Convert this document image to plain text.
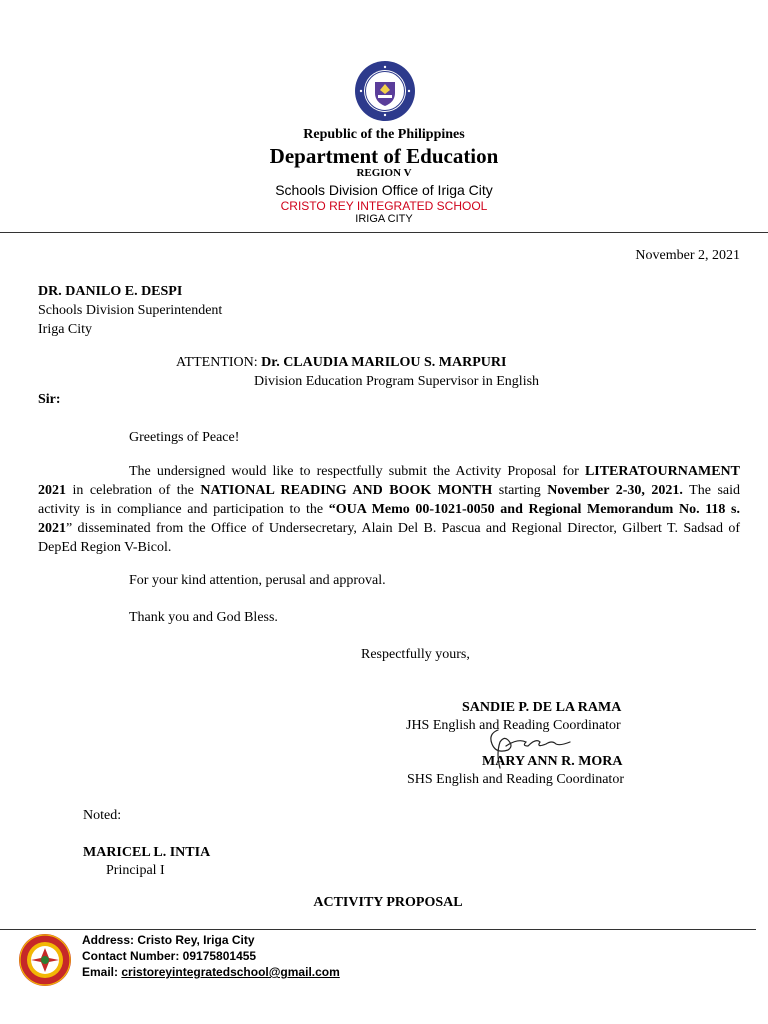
Republic of the Philippines

Department of Education

REGION V

Schools Division Office of Iriga City

CRISTO REY INTEGRATED SCHOOL

IRIGA CITY

November 2, 2021

DR. DANILO E. DESPI

Schools Division Superintendent

Iriga City

ATTENTION: Dr. CLAUDIA MARILOU S. MARPURI

Division Education Program Supervisor in English

Sir:

Greetings of Peace!

The undersigned would like to respectfully submit the Activity Proposal for LITERATOURNAMENT 2021 in celebration of the NATIONAL READING AND BOOK MONTH starting November 2-30, 2021. The said activity is in compliance and participation to the “OUA Memo 00-1021-0050 and Regional Memorandum No. 118 s. 2021” disseminated from the Office of Undersecretary, Alain Del B. Pascua and Regional Director, Gilbert T. Sadsad of DepEd Region V-Bicol.

For your kind attention, perusal and approval.

Thank you and God Bless.

Respectfully yours,

SANDIE P. DE LA RAMA

JHS English and Reading Coordinator

MARY ANN R. MORA

SHS English and Reading Coordinator

Noted:

MARICEL L. INTIA

Principal I

ACTIVITY PROPOSAL

Address: Cristo Rey, Iriga City

Contact Number: 09175801455

Email: cristoreyintegratedschool@gmail.com
